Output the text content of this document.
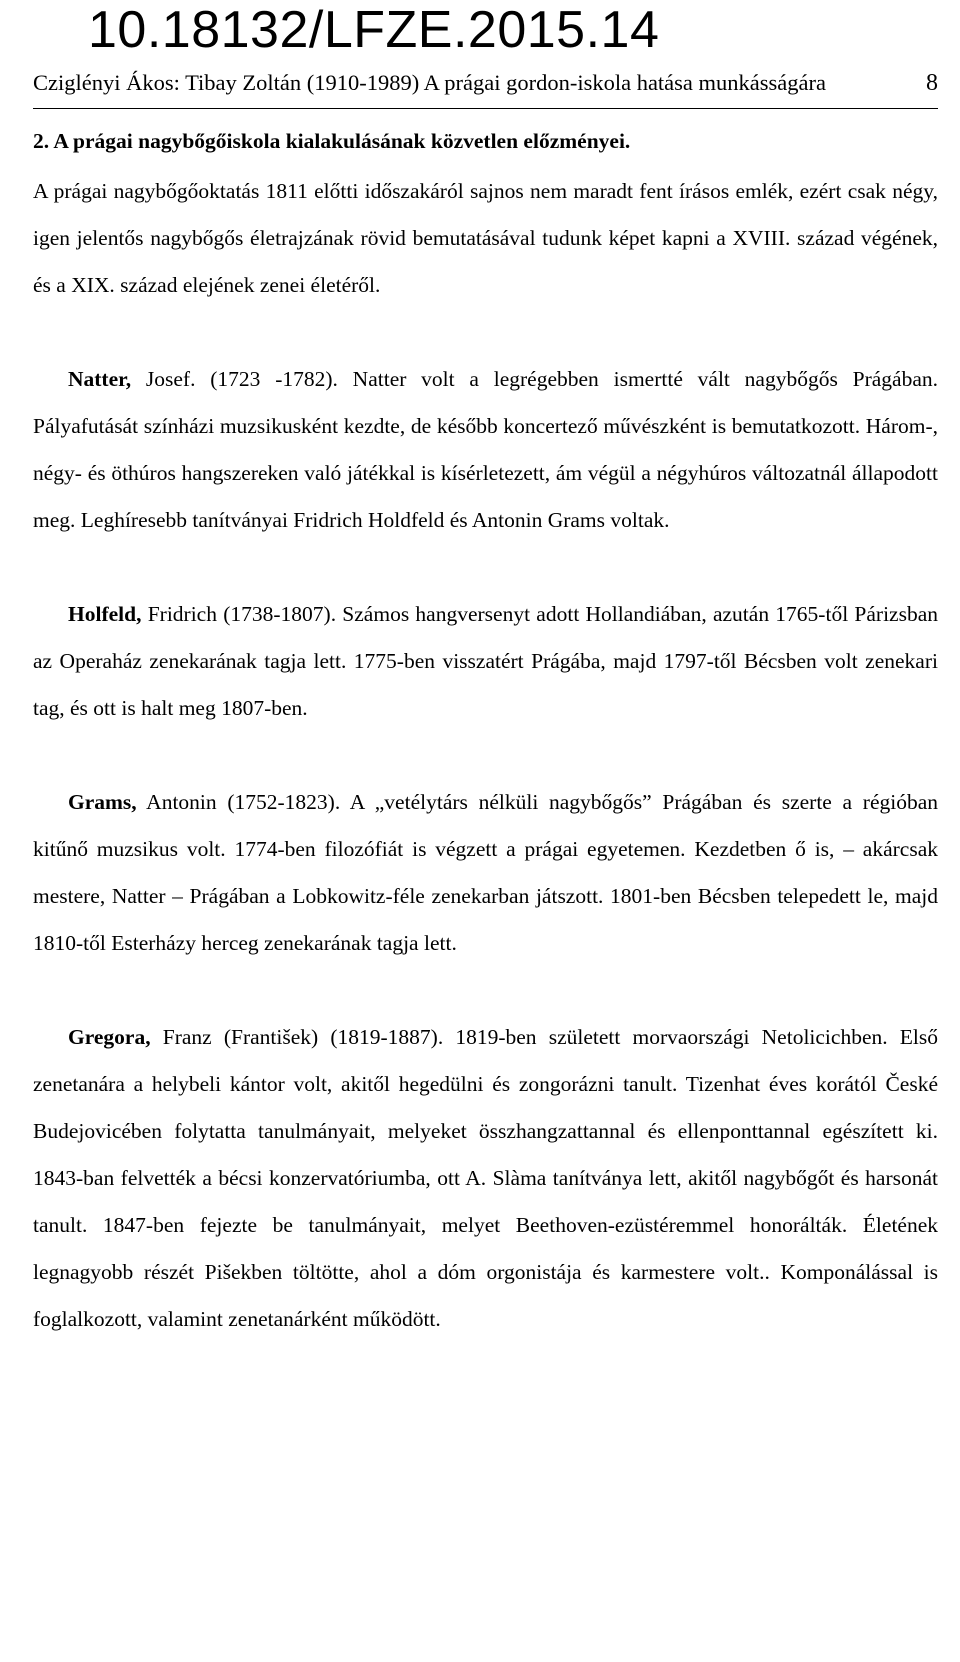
10.18132/LFZE.2015.14
Cziglényi Ákos: Tibay Zoltán (1910-1989) A prágai gordon-iskola hatása munkásságára	8

2. A prágai nagybőgőiskola kialakulásának közvetlen előzményei.

A prágai nagybőgőoktatás 1811 előtti időszakáról sajnos nem maradt fent írásos emlék, ezért csak négy, igen jelentős nagybőgős életrajzának rövid bemutatásával tudunk képet kapni a XVIII. század végének, és a XIX. század elejének zenei életéről.

Natter, Josef. (1723 -1782). Natter volt a legrégebben ismertté vált nagybőgős Prágában. Pályafutását színházi muzsikusként kezdte, de később koncertező művészként is bemutatkozott. Három-, négy- és öthúros hangszereken való játékkal is kísérletezett, ám végül a négyhúros változatnál állapodott meg. Leghíresebb tanítványai Fridrich Holdfeld és Antonin Grams voltak.

Holfeld, Fridrich (1738-1807). Számos hangversenyt adott Hollandiában, azután 1765-től Párizsban az Operaház zenekarának tagja lett. 1775-ben visszatért Prágába, majd 1797-től Bécsben volt zenekari tag, és ott is halt meg 1807-ben.

Grams, Antonin (1752-1823). A „vetélytárs nélküli nagybőgős” Prágában és szerte a régióban kitűnő muzsikus volt. 1774-ben filozófiát is végzett a prágai egyetemen. Kezdetben ő is, – akárcsak mestere, Natter – Prágában a Lobkowitz-féle zenekarban játszott. 1801-ben Bécsben telepedett le, majd 1810-től Esterházy herceg zenekarának tagja lett.

Gregora, Franz (František) (1819-1887). 1819-ben született morvaországi Netolicichben. Első zenetanára a helybeli kántor volt, akitől hegedülni és zongorázni tanult. Tizenhat éves korától České Budejovicében folytatta tanulmányait, melyeket összhangzattannal és ellenponttannal egészített ki. 1843-ban felvették a bécsi konzervatóriumba, ott A. Slàma tanítványa lett, akitől nagybőgőt és harsonát tanult. 1847-ben fejezte be tanulmányait, melyet Beethoven-ezüstéremmel honorálták. Életének legnagyobb részét Pišekben töltötte, ahol a dóm orgonistája és karmestere volt.. Komponálással is foglalkozott, valamint zenetanárként működött.
